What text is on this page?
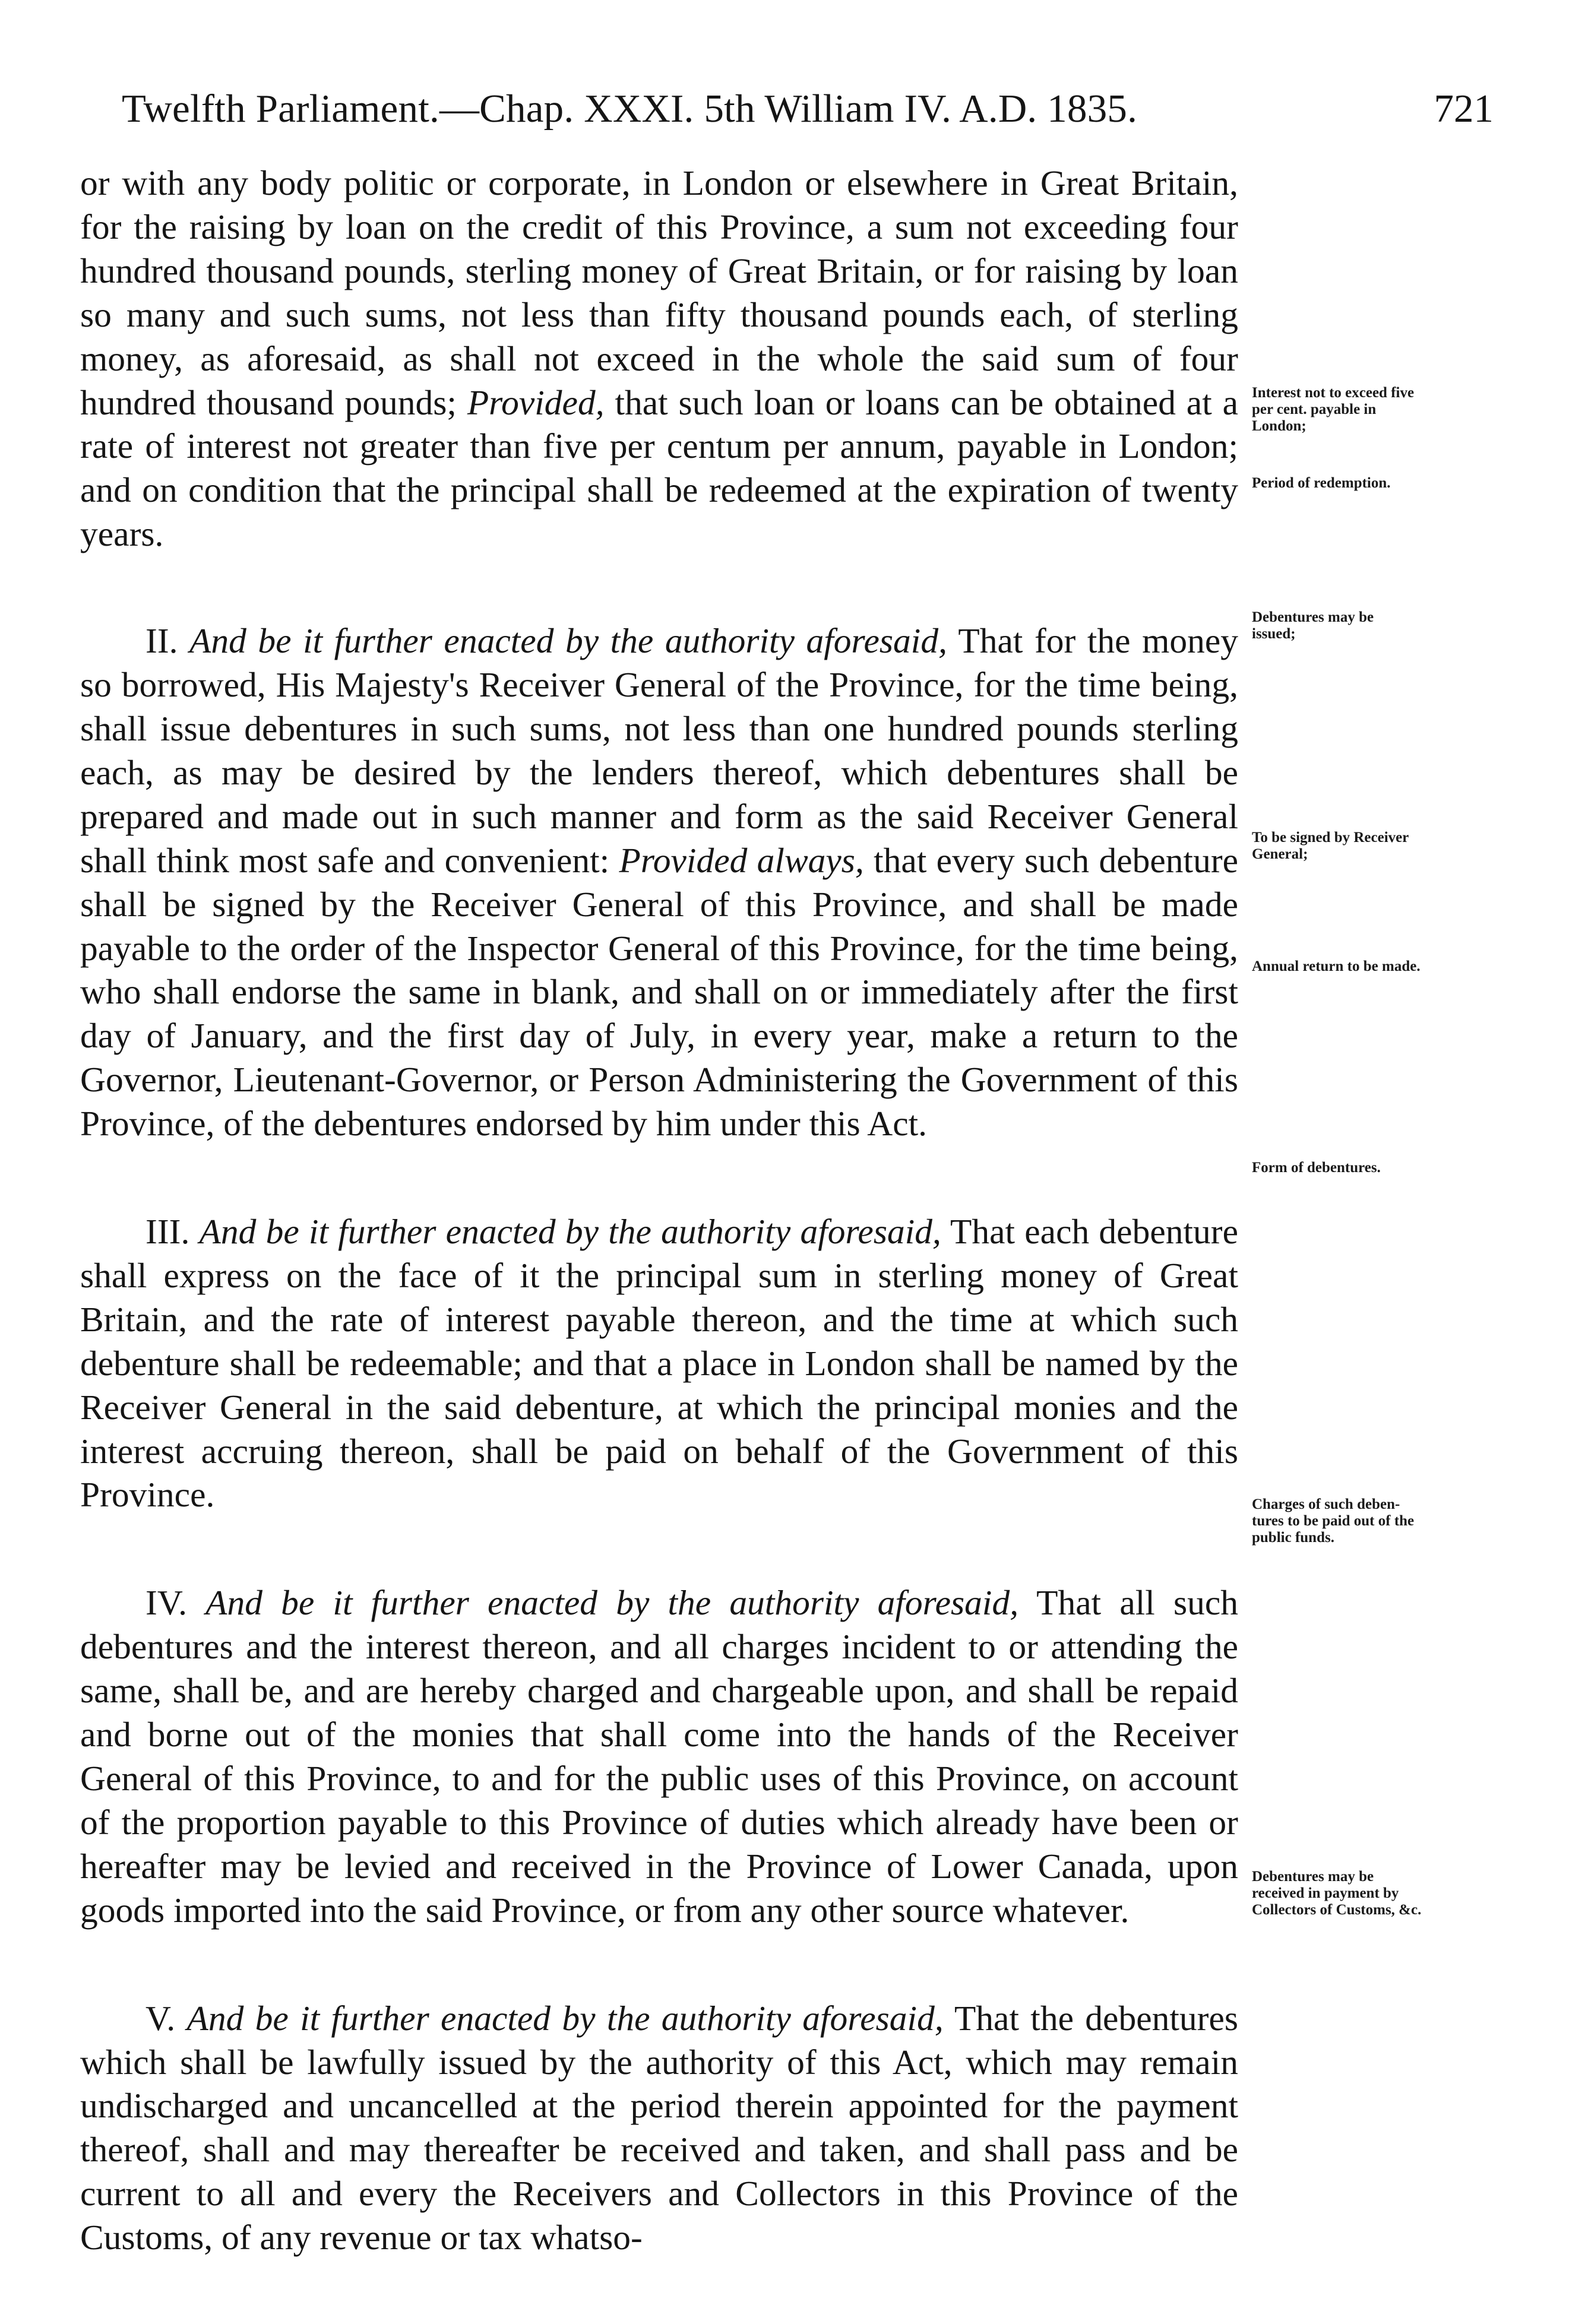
Twelfth Parliament.—Chap. XXXI. 5th William IV. A.D. 1835.	721

or with any body politic or corporate, in London or elsewhere in Great Britain, for the raising by loan on the credit of this Province, a sum not exceeding four hundred thousand pounds, sterling money of Great Britain, or for raising by loan so many and such sums, not less than fifty thousand pounds each, of sterling money, as aforesaid, as shall not exceed in the whole the said sum of four hundred thousand pounds; Provided, that such loan or loans can be obtained at a rate of interest not greater than five per centum per annum, payable in London; and on condition that the principal shall be redeemed at the expiration of twenty years.

II. And be it further enacted by the authority aforesaid, That for the money so borrowed, His Majesty's Receiver General of the Province, for the time being, shall issue debentures in such sums, not less than one hundred pounds sterling each, as may be desired by the lenders thereof, which debentures shall be prepared and made out in such manner and form as the said Receiver General shall think most safe and convenient: Provided always, that every such debenture shall be signed by the Receiver General of this Province, and shall be made payable to the order of the Inspector General of this Province, for the time being, who shall endorse the same in blank, and shall on or immediately after the first day of January, and the first day of July, in every year, make a return to the Governor, Lieutenant-Governor, or Person Administering the Government of this Province, of the debentures endorsed by him under this Act.

III. And be it further enacted by the authority aforesaid, That each debenture shall express on the face of it the principal sum in sterling money of Great Britain, and the rate of interest payable thereon, and the time at which such debenture shall be redeemable; and that a place in London shall be named by the Receiver General in the said debenture, at which the principal monies and the interest accruing thereon, shall be paid on behalf of the Government of this Province.

IV. And be it further enacted by the authority aforesaid, That all such debentures and the interest thereon, and all charges incident to or attending the same, shall be, and are hereby charged and chargeable upon, and shall be repaid and borne out of the monies that shall come into the hands of the Receiver General of this Province, to and for the public uses of this Province, on account of the proportion payable to this Province of duties which already have been or hereafter may be levied and received in the Province of Lower Canada, upon goods imported into the said Province, or from any other source whatever.

V. And be it further enacted by the authority aforesaid, That the debentures which shall be lawfully issued by the authority of this Act, which may remain undischarged and uncancelled at the period therein appointed for the payment thereof, shall and may thereafter be received and taken, and shall pass and be current to all and every the Receivers and Collectors in this Province of the Customs, of any revenue or tax whatso-

Interest not to exceed five
per cent. payable in
London;
Period of redemption.
Debentures may be
issued;
To be signed by Receiver
General;
Annual return to be made.
Form of debentures.
Charges of such deben-
tures to be paid out of the
public funds.
Debentures may be
received in payment by
Collectors of Customs, &c.
